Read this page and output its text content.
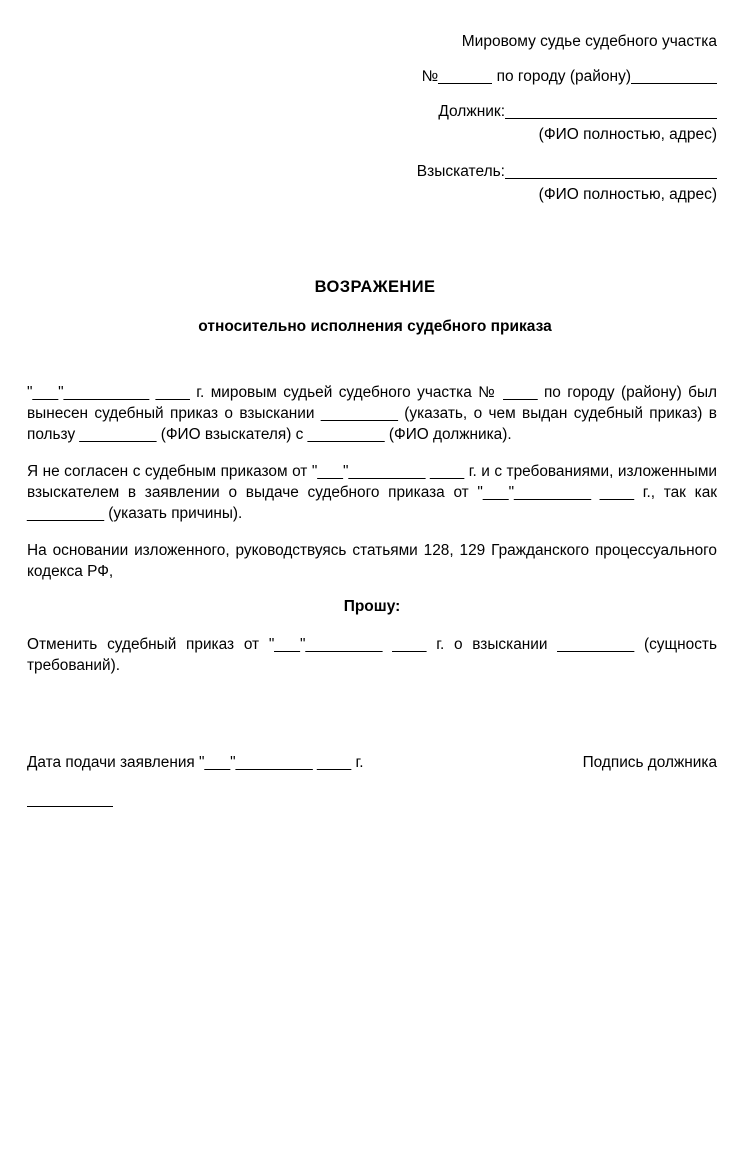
Мировому судье судебного участка
№	по городу (району)
Должник:
(ФИО полностью, адрес)
Взыскатель:
(ФИО полностью, адрес)
ВОЗРАЖЕНИЕ
относительно исполнения судебного приказа

"___"__________ ____ г. мировым судьей судебного участка № ____ по городу (району) был вынесен судебный приказ о взыскании _________ (указать, о чем выдан судебный приказ) в пользу _________ (ФИО взыскателя) с _________ (ФИО должника).

Я не согласен с судебным приказом от "___"_________ ____ г. и с требованиями, изложенными взыскателем в заявлении о выдаче судебного приказа от "___"_________ ____ г., так как _________ (указать причины).

На основании изложенного, руководствуясь статьями 128, 129 Гражданского процессуального кодекса РФ,

Прошу:

Отменить судебный приказ от "___"_________ ____ г. о взыскании _________ (сущность требований).

Подпись должника
Дата подачи заявления "___"_________ ____ г.
